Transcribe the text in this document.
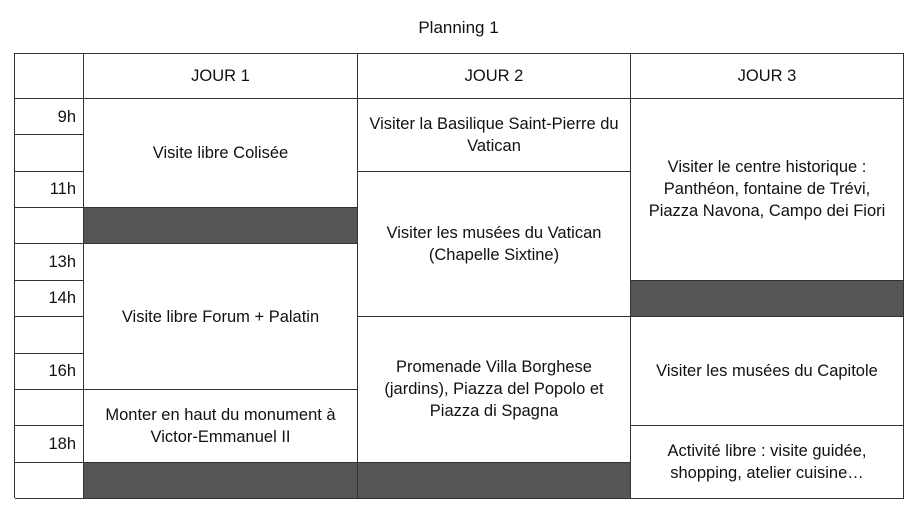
Planning 1
JOUR 1	JOUR 2	JOUR 3
9h
11h
13h
14h
16h
18h
Visite libre Colisée
Visite libre Forum + Palatin
Monter en haut du monument à Victor-Emmanuel II
Visiter la Basilique Saint-Pierre du Vatican
Visiter les musées du Vatican (Chapelle Sixtine)
Promenade Villa Borghese (jardins), Piazza del Popolo et Piazza di Spagna
Visiter le centre historique : Panthéon, fontaine de Trévi, Piazza Navona, Campo dei Fiori
Visiter les musées du Capitole
Activité libre : visite guidée, shopping, atelier cuisine…
